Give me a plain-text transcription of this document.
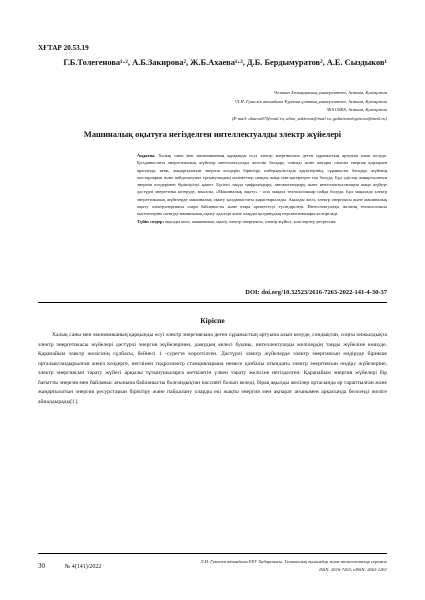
ХҒТАР 20.53.19
Г.Б.Толегенова¹·², А.Б.Закирова², Ж.Б.Ахаева¹·², Д.Б. Бердымуратов², А.Е. Сыздыков¹
¹Астана Халықаралық университеті, Астана, Қазақстан
²Л.Н. Гумилев атындағы Еуразия ұлттық университеті, Астана, Қазақстан
¹Z01G8K8, Астана, Қазақстан
(E-mail: akaeva07@mail.ru, alma_zakirova@mail.ru, gulmiratolegenova@mail.ru)
Машиналық оқытуға негізделген интеллектуалды электр жүйелері
Аңдатпа. Халық саны мен экономиканың қарқынды өсуі электр энергиясына деген сұраныстың артуына алып келуде. Қолданыстағы энергетикалық жүйелер интеллектуалды желілік басқару, сенімді және жоғары сапалы энергия қорларын арасында, яғни, жаңартылатын энергия көздерін біріктіру, киберқауіпсіздік қауіптерінің, сұранысты басқару, жүйенің мостарларын және пайдаланушы тұтынушыдың мәліметтер сияқты жаңа сын-қатерлерге тап болуда. Бұл әдістер жаңартылатын энергия көздерімен біріктірілуі қажет. Бүгінгі таңда цифрландыру, автоматтандыру және интеллектуализация жаңа жүйеде дәстүрлі энергетика көтеруде, мысалы, «Машиналық оқыту» - осы мақала технологиялар пайда болуда. Бұл мақалада электр энергетикалық жүйелерде машиналық оқыту қолданыстағы қарастырылады. Ақылды желі, электр энергиясы және машиналық оқыту электрэнергиясы өзара байланысты және өзара әрекеттесуі түсіндіріледі. Интеллектуалды желінің технологиясы мәселелеріне шешуде машиналық оқыту әдістері және оларды қолданудың перспективалары келтіріледі.
Түйін сөздер: ақылды желі, машиналық оқыту, электр энергиясы, электр жүйесі, кластерлеу, регрессия.
DOI: doi.org/10.32523/2616-7263-2022-141-4-30-37
Кіріспе

Халық саны мен экономиканың қарқынды өсуі электр энергиясына деген сұраныстың артуына алып келуде, сондықтан, соңғы онжылдықта электр энергетикасы жүйелері дәстүрлі энергия жүйелерінен, дамудың келесі буыны, интеллектуалды желілердің таңды жүйеліне көшуде. Қарапайым электр желісінің сұлбасы, бейнесі 1 -суретте көрсетілген. Дәстүрлі электр жүйелерде электр энергиясын өндіруде бірнеше орталықтандырылған жеңіз көздерге, негізінен гидроэлектр станцияларына немесе қазбалы отындағы электр энергиясын өндіру жүйелеріне, электр энергиясын тарату жүйесі арқылы тұтынушыларға жеткізетін үлкен тарату желісіне негізделген. Қарапайым энергия жүйелері бір бағытты энергия мен байланыс ағынына байланысты болғандықтан пассивті болып келеді, бірақ ақылды желілер ортасында әр тараптылған және жаңартылатын энергия ресурстарын біріктіру және пайдалану оларды екі жақты энергия мен ақпарат ағынымен арқасында белсенді желіге айналдырады[1].

30	№ 4(141)/2022
Л.Н. Гумилев атындағы ЕҰУ Хабаршысы. Техникалық ғылымдар және технологиялар сериясы
ISSN: 2616-7263, eISSN: 2663-1261
